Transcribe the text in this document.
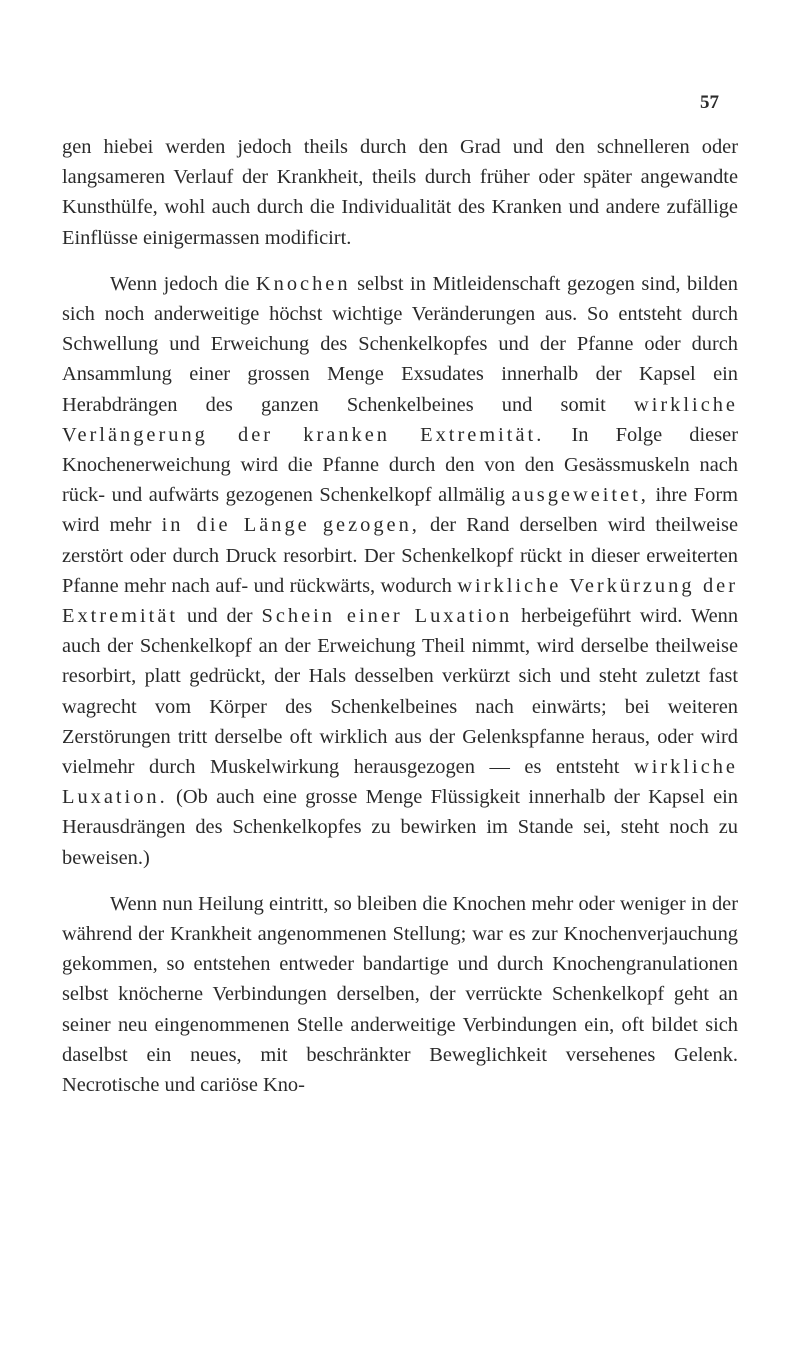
57

gen hiebei werden jedoch theils durch den Grad und den schnelleren oder langsameren Verlauf der Krankheit, theils durch früher oder später angewandte Kunsthülfe, wohl auch durch die Individualität des Kranken und andere zufällige Einflüsse einigermassen modificirt.

Wenn jedoch die Knochen selbst in Mitleidenschaft gezogen sind, bilden sich noch anderweitige höchst wichtige Veränderungen aus. So entsteht durch Schwellung und Erweichung des Schenkelkopfes und der Pfanne oder durch Ansammlung einer grossen Menge Exsudates innerhalb der Kapsel ein Herabdrängen des ganzen Schenkelbeines und somit wirkliche Verlängerung der kranken Extremität. In Folge dieser Knochenerweichung wird die Pfanne durch den von den Gesässmuskeln nach rück- und aufwärts gezogenen Schenkelkopf allmälig ausgeweitet, ihre Form wird mehr in die Länge gezogen, der Rand derselben wird theilweise zerstört oder durch Druck resorbirt. Der Schenkelkopf rückt in dieser erweiterten Pfanne mehr nach auf- und rückwärts, wodurch wirkliche Verkürzung der Extremität und der Schein einer Luxation herbeigeführt wird. Wenn auch der Schenkelkopf an der Erweichung Theil nimmt, wird derselbe theilweise resorbirt, platt gedrückt, der Hals desselben verkürzt sich und steht zuletzt fast wagrecht vom Körper des Schenkelbeines nach einwärts; bei weiteren Zerstörungen tritt derselbe oft wirklich aus der Gelenkspfanne heraus, oder wird vielmehr durch Muskelwirkung herausgezogen — es entsteht wirkliche Luxation. (Ob auch eine grosse Menge Flüssigkeit innerhalb der Kapsel ein Herausdrängen des Schenkelkopfes zu bewirken im Stande sei, steht noch zu beweisen.)

Wenn nun Heilung eintritt, so bleiben die Knochen mehr oder weniger in der während der Krankheit angenommenen Stellung; war es zur Knochenverjauchung gekommen, so entstehen entweder bandartige und durch Knochengranulationen selbst knöcherne Verbindungen derselben, der verrückte Schenkelkopf geht an seiner neu eingenommenen Stelle anderweitige Verbindungen ein, oft bildet sich daselbst ein neues, mit beschränkter Beweglichkeit versehenes Gelenk. Necrotische und cariöse Kno-
